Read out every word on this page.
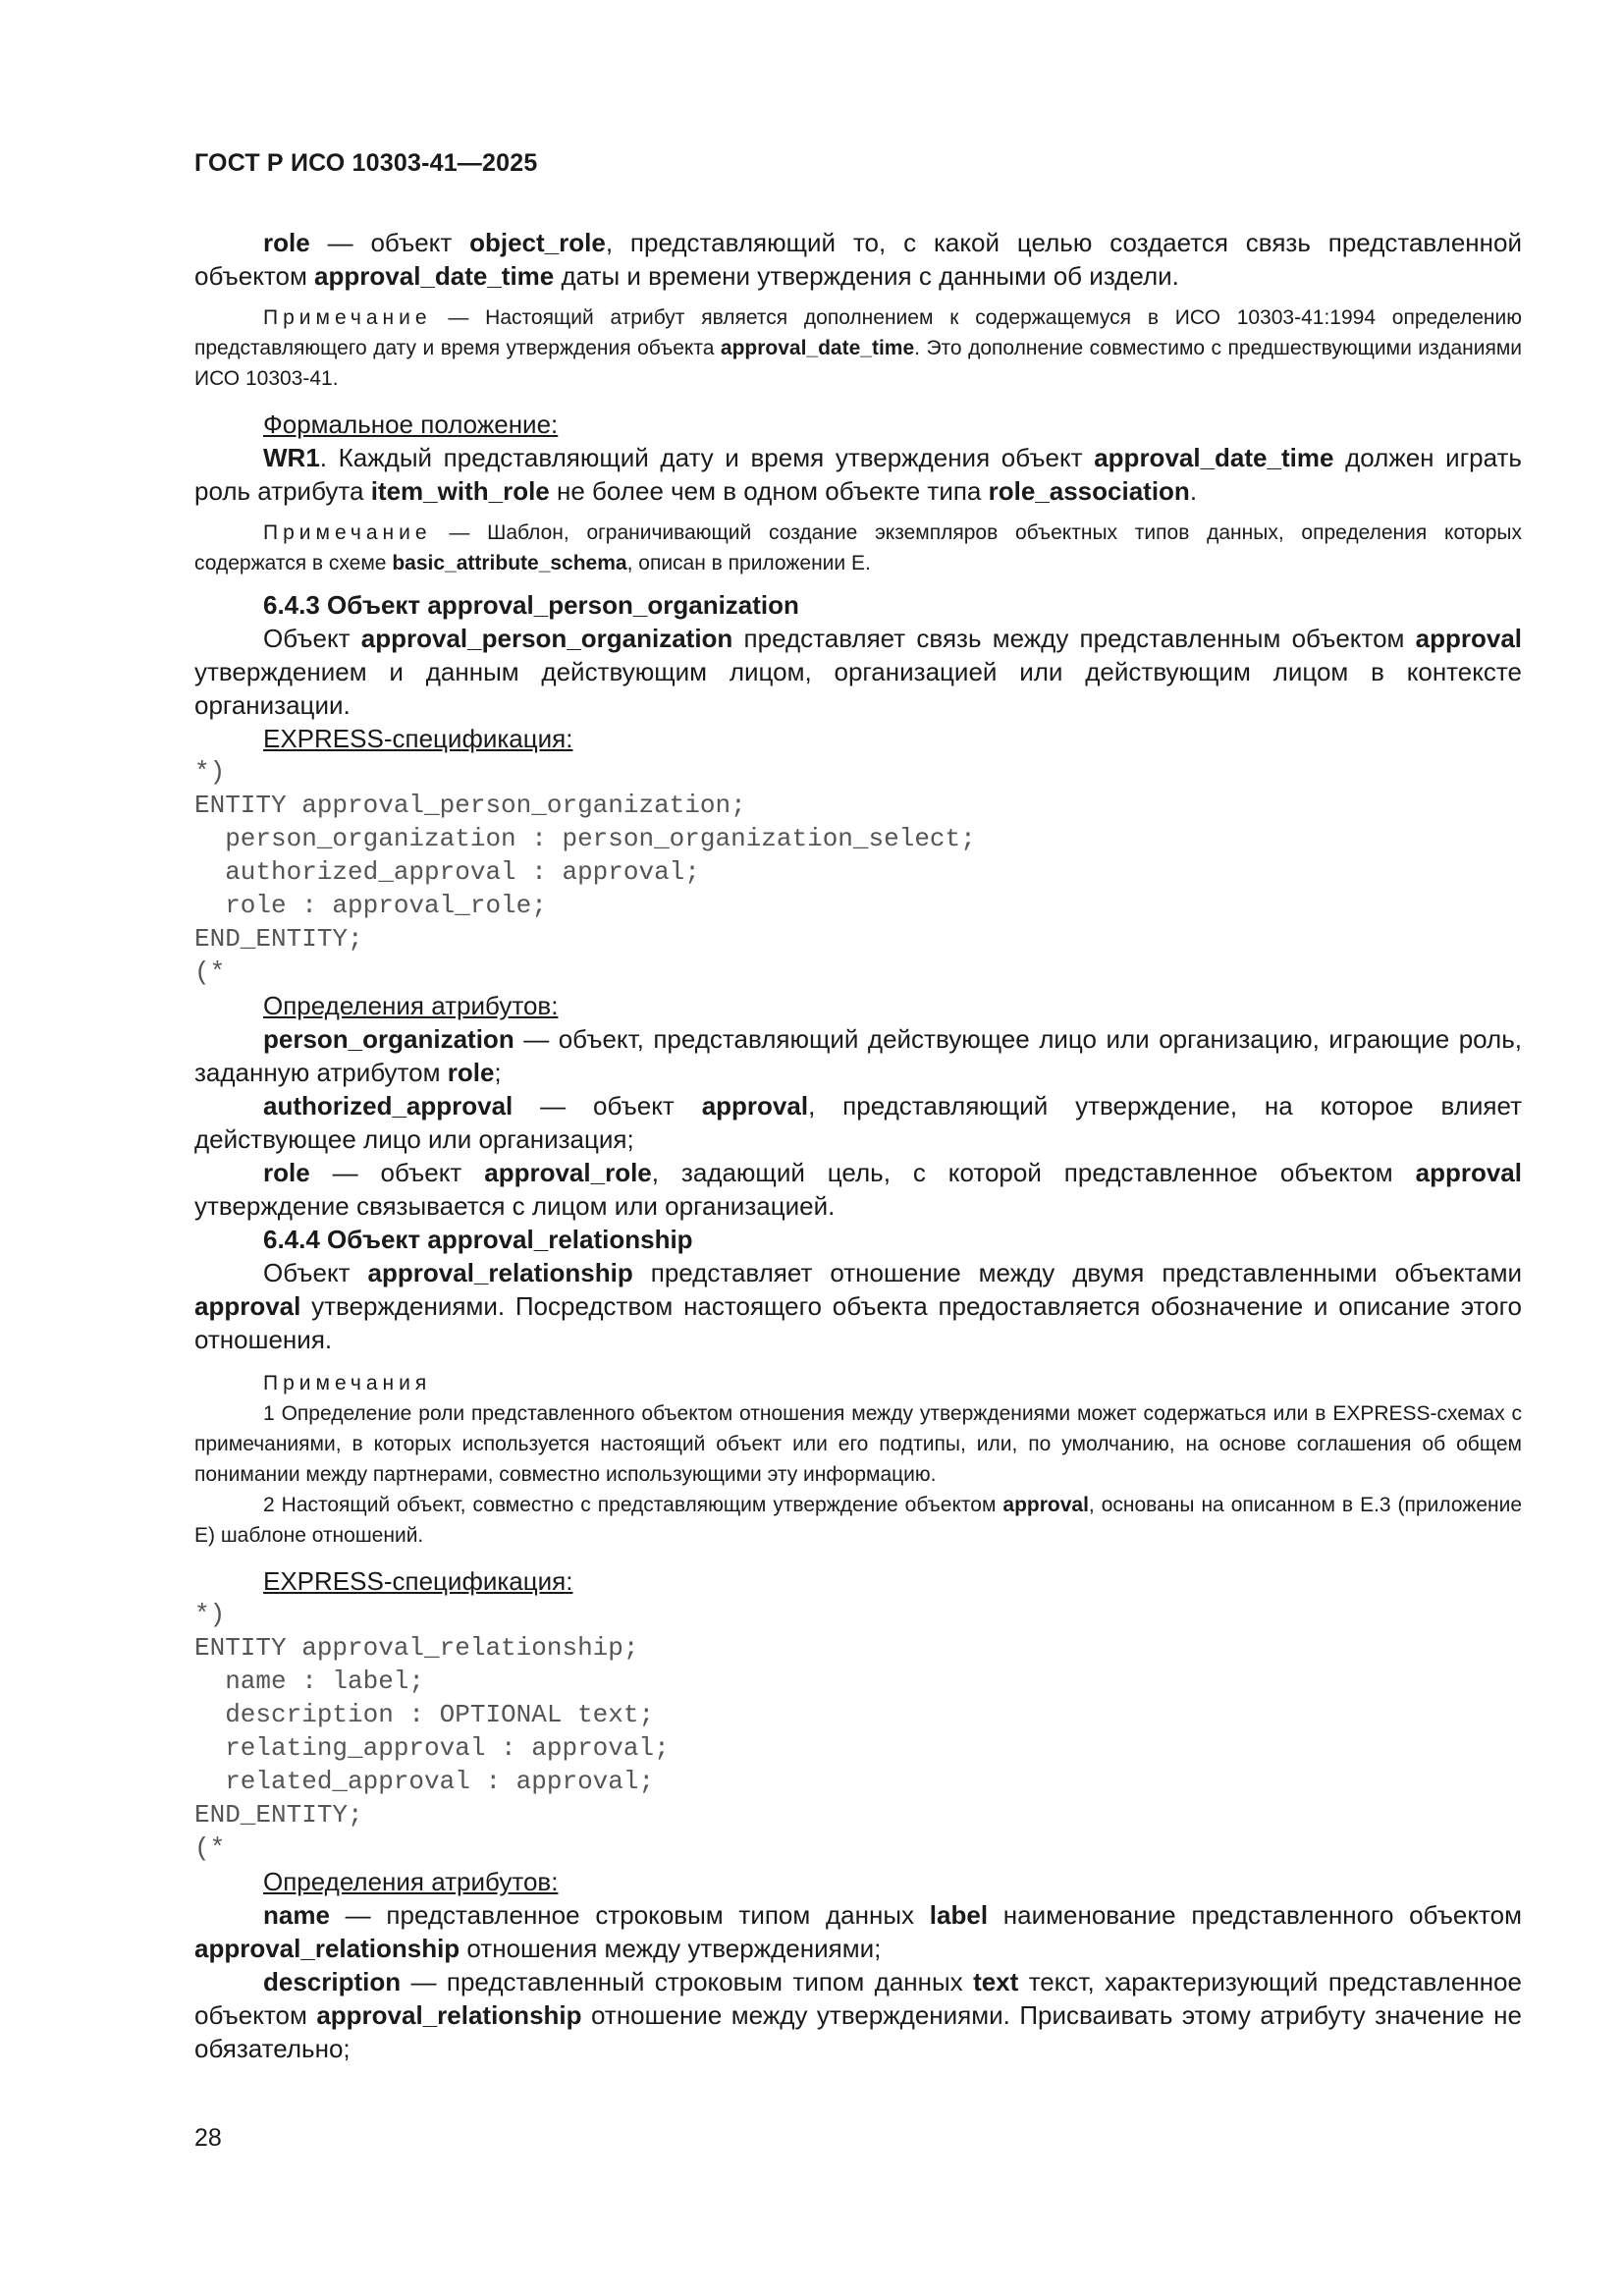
ГОСТ Р ИСО 10303-41—2025

role — объект object_role, представляющий то, с какой целью создается связь представленной объектом approval_date_time даты и времени утверждения с данными об издели.

Примечание — Настоящий атрибут является дополнением к содержащемуся в ИСО 10303-41:1994 определению представляющего дату и время утверждения объекта approval_date_time. Это дополнение совместимо с предшествующими изданиями ИСО 10303-41.

Формальное положение:

WR1. Каждый представляющий дату и время утверждения объект approval_date_time должен играть роль атрибута item_with_role не более чем в одном объекте типа role_association.

Примечание — Шаблон, ограничивающий создание экземпляров объектных типов данных, определения которых содержатся в схеме basic_attribute_schema, описан в приложении E.

6.4.3 Объект approval_person_organization

Объект approval_person_organization представляет связь между представленным объектом approval утверждением и данным действующим лицом, организацией или действующим лицом в контексте организации.

EXPRESS-спецификация:

*)
ENTITY approval_person_organization;
person_organization : person_organization_select;
authorized_approval : approval;
role : approval_role;
END_ENTITY;
(*

Определения атрибутов:

person_organization — объект, представляющий действующее лицо или организацию, играющие роль, заданную атрибутом role;

authorized_approval — объект approval, представляющий утверждение, на которое влияет действующее лицо или организация;

role — объект approval_role, задающий цель, с которой представленное объектом approval утверждение связывается с лицом или организацией.

6.4.4 Объект approval_relationship

Объект approval_relationship представляет отношение между двумя представленными объектами approval утверждениями. Посредством настоящего объекта предоставляется обозначение и описание этого отношения.

Примечания

1 Определение роли представленного объектом отношения между утверждениями может содержаться или в EXPRESS-схемах с примечаниями, в которых используется настоящий объект или его подтипы, или, по умолчанию, на основе соглашения об общем понимании между партнерами, совместно использующими эту информацию.

2 Настоящий объект, совместно с представляющим утверждение объектом approval, основаны на описанном в E.3 (приложение E) шаблоне отношений.

EXPRESS-спецификация:

*)
ENTITY approval_relationship;
name : label;
description : OPTIONAL text;
relating_approval : approval;
related_approval : approval;
END_ENTITY;
(*

Определения атрибутов:

name — представленное строковым типом данных label наименование представленного объектом approval_relationship отношения между утверждениями;

description — представленный строковым типом данных text текст, характеризующий представленное объектом approval_relationship отношение между утверждениями. Присваивать этому атрибуту значение не обязательно;

28
